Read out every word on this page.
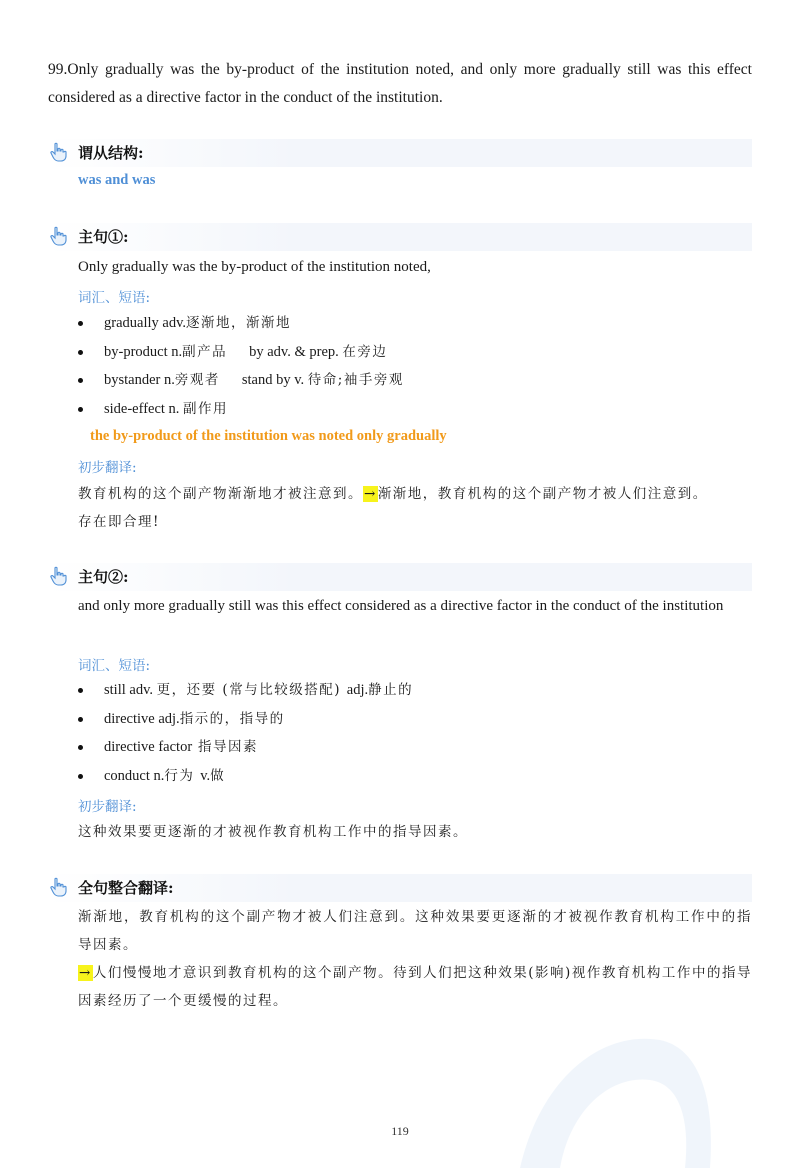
99.Only gradually was the by-product of the institution noted, and only more gradually still was this effect considered as a directive factor in the conduct of the institution.
谓从结构:
was and was
主句①:
Only gradually was the by-product of the institution noted,
词汇、短语:
gradually adv.逐渐地，渐渐地
by-product n.副产品 by adv. & prep. 在旁边
bystander n.旁观者 stand by v. 待命;袖手旁观
side-effect n. 副作用
the by-product of the institution was noted only gradually
初步翻译:
教育机构的这个副产物渐渐地才被注意到。→渐渐地，教育机构的这个副产物才被人们注意到。
存在即合理!
主句②:
and only more gradually still was this effect considered as a directive factor in the conduct of the institution
词汇、短语:
still adv. 更，还要 (常与比较级搭配) adj.静止的
directive adj.指示的，指导的
directive factor 指导因素
conduct n.行为 v.做
初步翻译:
这种效果要更逐渐的才被视作教育机构工作中的指导因素。
全句整合翻译:
渐渐地，教育机构的这个副产物才被人们注意到。这种效果要更逐渐的才被视作教育机构工作中的指导因素。
→人们慢慢地才意识到教育机构的这个副产物。待到人们把这种效果(影响)视作教育机构工作中的指导因素经历了一个更缓慢的过程。
119
